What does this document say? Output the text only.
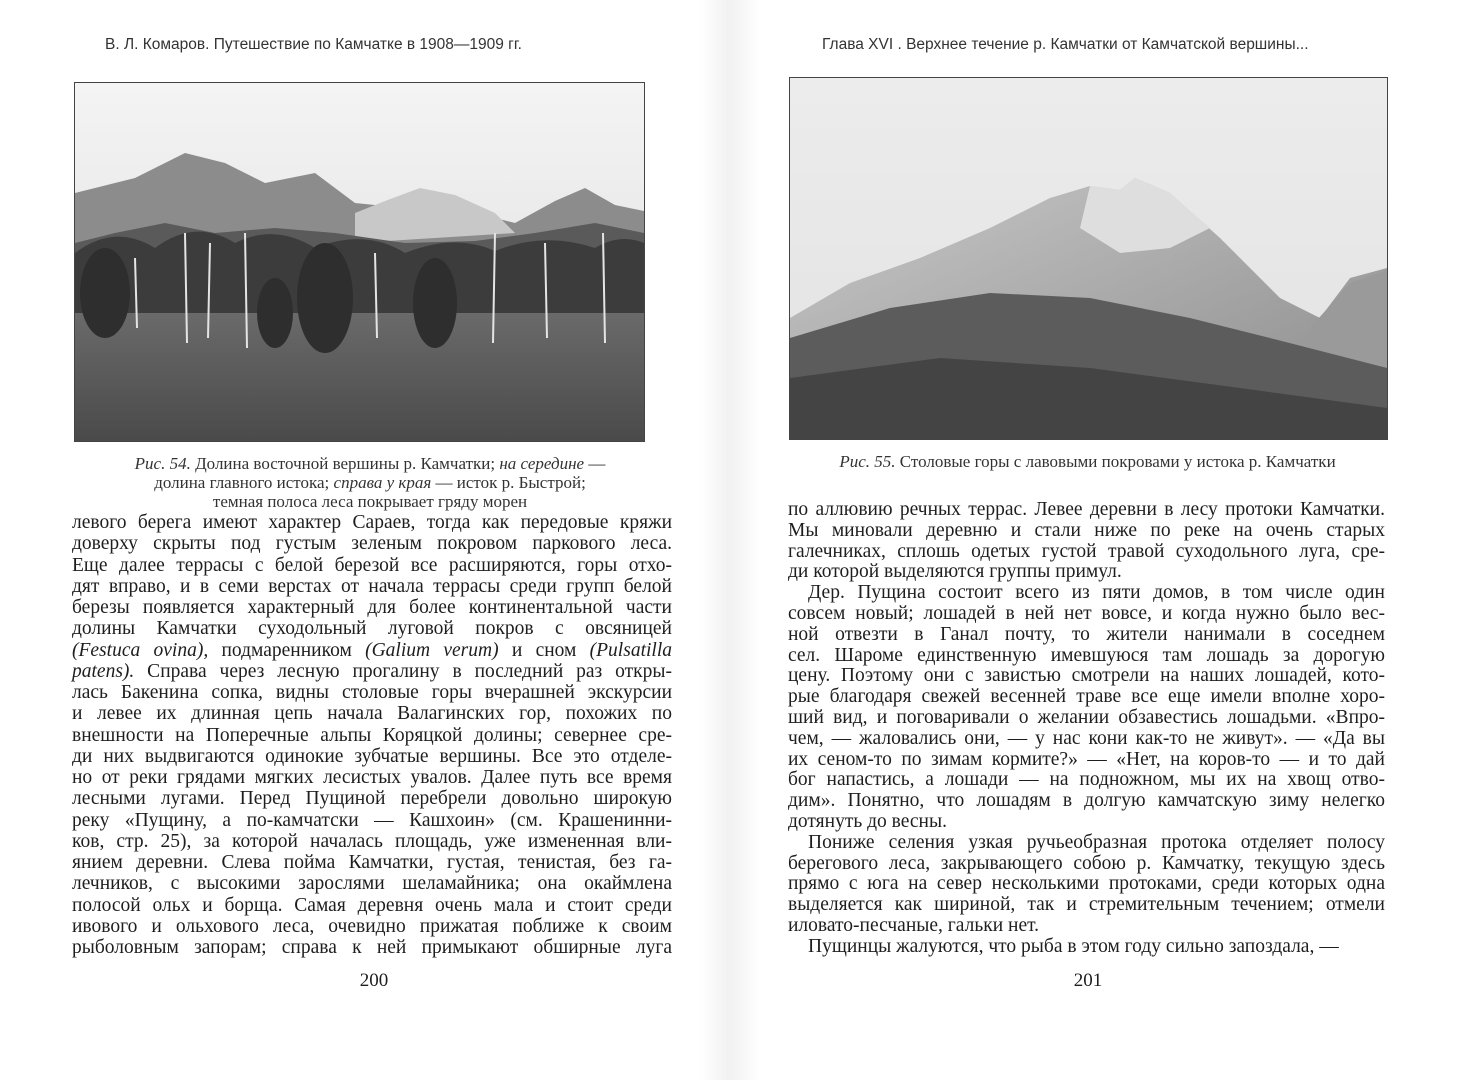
В. Л. Комаров. Путешествие по Камчатке в 1908—1909 гг.
Рис. 54. Долина восточной вершины р. Камчатки; на середине —
долина главного истока; справа у края — исток р. Быстрой;
темная полоса леса покрывает гряду морен
левого берега имеют характер Сараев, тогда как передовые кряжи
доверху скрыты под густым зеленым покровом паркового леса.
Еще далее террасы с белой березой все расширяются, горы отхо-
дят вправо, и в семи верстах от начала террасы среди групп белой
березы появляется характерный для более континентальной части
долины Камчатки суходольный луговой покров с овсяницей
(Festuca ovina), подмаренником (Galium verum) и сном (Pulsatilla
patens). Справа через лесную прогалину в последний раз откры-
лась Бакенина сопка, видны столовые горы вчерашней экскурсии
и левее их длинная цепь начала Валагинских гор, похожих по
внешности на Поперечные альпы Коряцкой долины; севернее сре-
ди них выдвигаются одинокие зубчатые вершины. Все это отделе-
но от реки грядами мягких лесистых увалов. Далее путь все время
лесными лугами. Перед Пущиной перебрели довольно широкую
реку «Пущину, а по-камчатски — Кашхоин» (см. Крашенинни-
ков, стр. 25), за которой началась площадь, уже измененная вли-
янием деревни. Слева пойма Камчатки, густая, тенистая, без га-
лечников, с высокими зарослями шеламайника; она окаймлена
полосой ольх и борща. Самая деревня очень мала и стоит среди
ивового и ольхового леса, очевидно прижатая поближе к своим
рыболовным запорам; справа к ней примыкают обширные луга
200
Глава XVI . Верхнее течение р. Камчатки от Камчатской вершины...
Рис. 55. Столовые горы с лавовыми покровами у истока р. Камчатки
по аллювию речных террас. Левее деревни в лесу протоки Камчатки.
Мы миновали деревню и стали ниже по реке на очень старых
галечниках, сплошь одетых густой травой суходольного луга, сре-
ди которой выделяются группы примул.
Дер. Пущина состоит всего из пяти домов, в том числе один
совсем новый; лошадей в ней нет вовсе, и когда нужно было вес-
ной отвезти в Ганал почту, то жители нанимали в соседнем
сел. Шароме единственную имевшуюся там лошадь за дорогую
цену. Поэтому они с завистью смотрели на наших лошадей, кото-
рые благодаря свежей весенней траве все еще имели вполне хоро-
ший вид, и поговаривали о желании обзавестись лошадьми. «Впро-
чем, — жаловались они, — у нас кони как-то не живут». — «Да вы
их сеном-то по зимам кормите?» — «Нет, на коров-то — и то дай
бог напастись, а лошади — на подножном, мы их на хвощ отво-
дим». Понятно, что лошадям в долгую камчатскую зиму нелегко
дотянуть до весны.
Пониже селения узкая ручьеобразная протока отделяет полосу
берегового леса, закрывающего собою р. Камчатку, текущую здесь
прямо с юга на север несколькими протоками, среди которых одна
выделяется как шириной, так и стремительным течением; отмели
иловато-песчаные, гальки нет.
Пущинцы жалуются, что рыба в этом году сильно запоздала, —
201
